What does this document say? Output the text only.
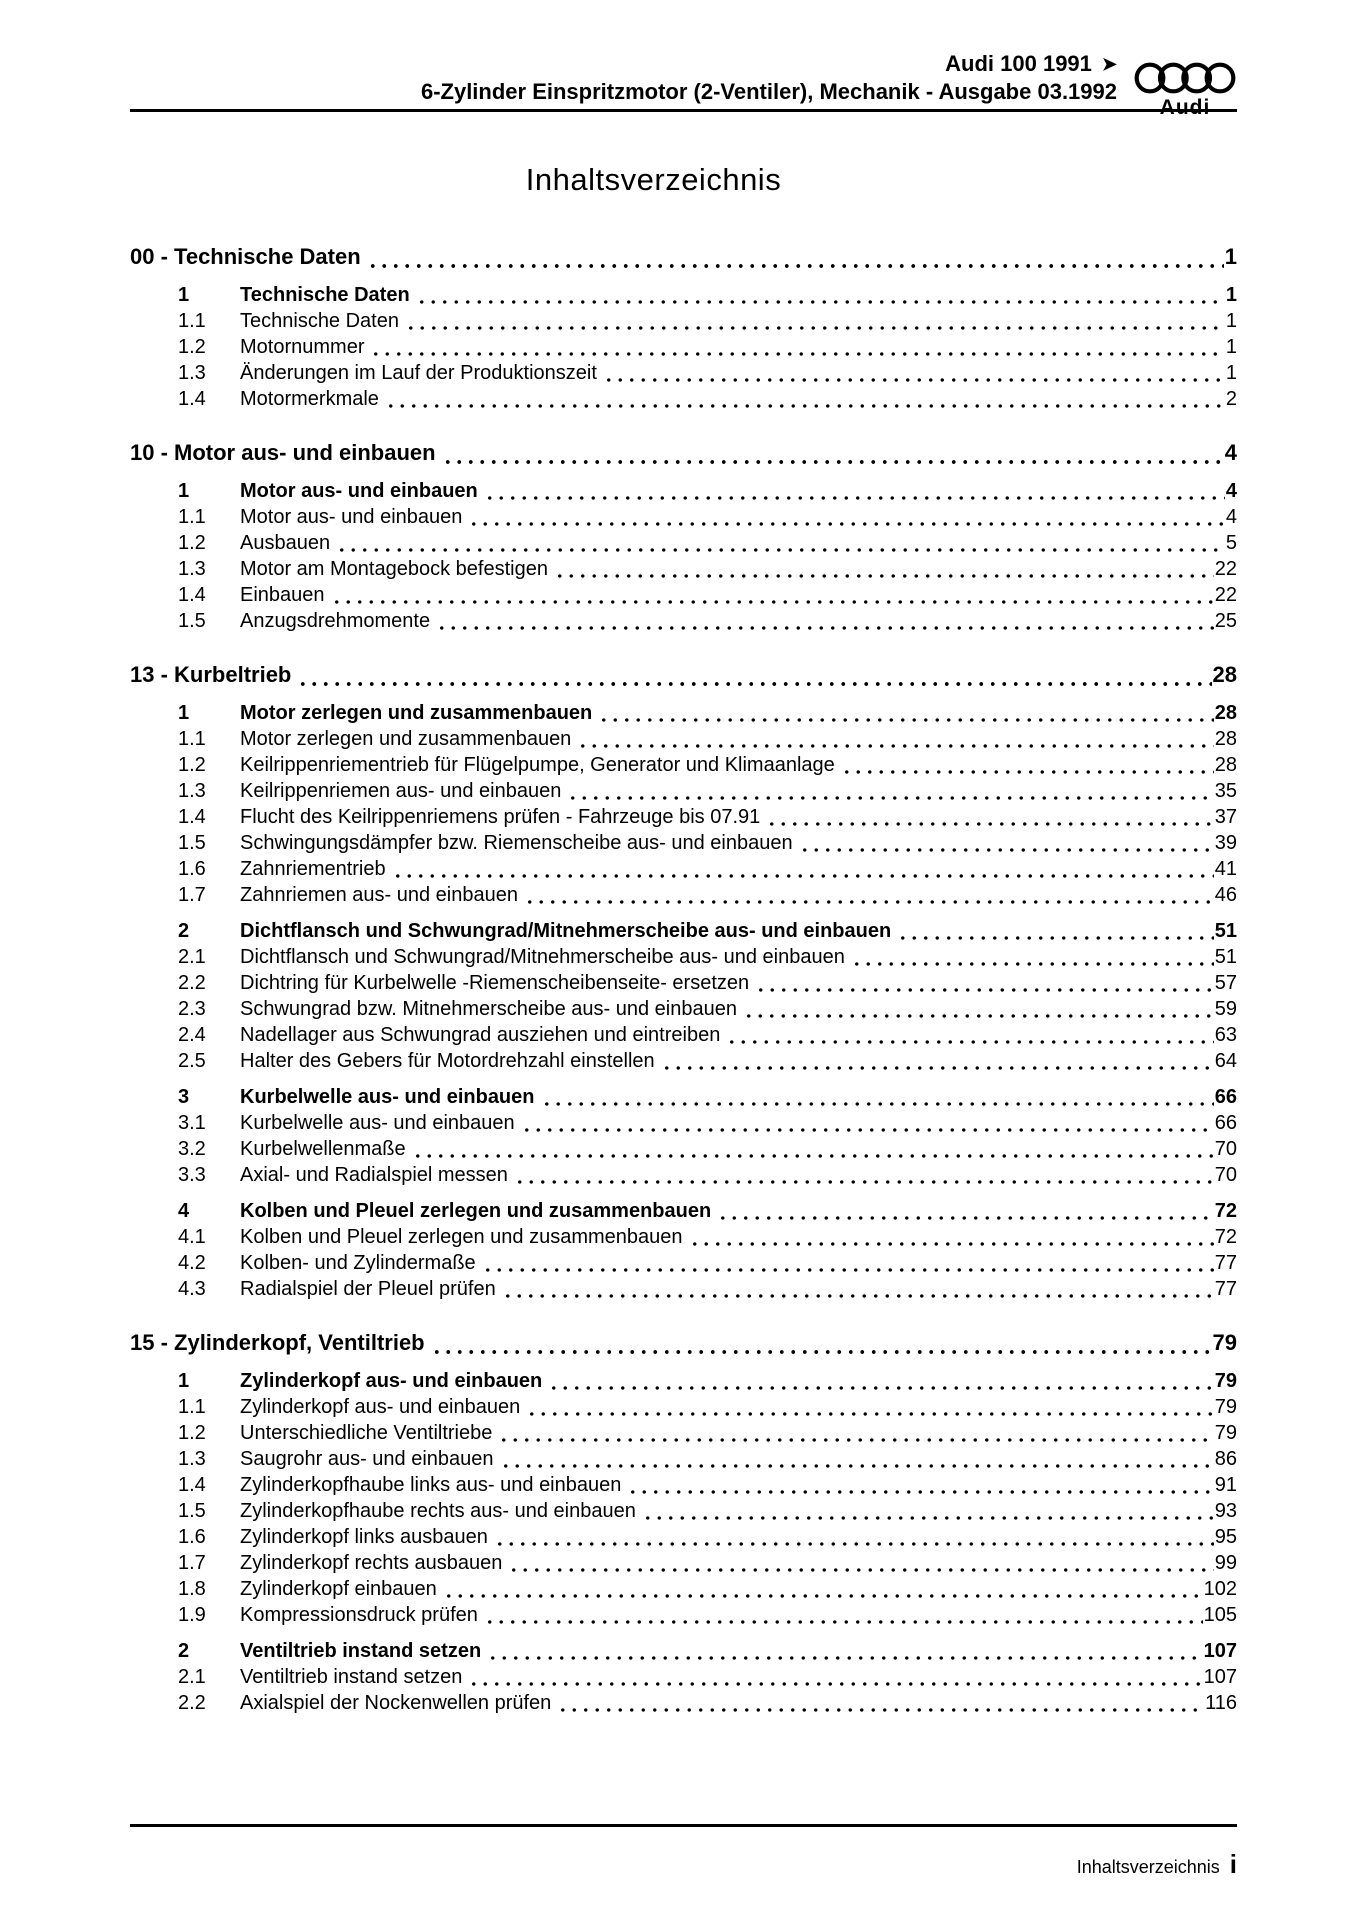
Audi 100 1991 ➤
6-Zylinder Einspritzmotor (2-Ventiler), Mechanik - Ausgabe 03.1992
Audi
Inhaltsverzeichnis
00 - Technische Daten	1
1	Technische Daten	1
1.1	Technische Daten	1
1.2	Motornummer	1
1.3	Änderungen im Lauf der Produktionszeit	1
1.4	Motormerkmale	2
10 - Motor aus- und einbauen	4
1	Motor aus- und einbauen	4
1.1	Motor aus- und einbauen	4
1.2	Ausbauen	5
1.3	Motor am Montagebock befestigen	22
1.4	Einbauen	22
1.5	Anzugsdrehmomente	25
13 - Kurbeltrieb	28
1	Motor zerlegen und zusammenbauen	28
1.1	Motor zerlegen und zusammenbauen	28
1.2	Keilrippenriementrieb für Flügelpumpe, Generator und Klimaanlage	28
1.3	Keilrippenriemen aus- und einbauen	35
1.4	Flucht des Keilrippenriemens prüfen - Fahrzeuge bis 07.91	37
1.5	Schwingungsdämpfer bzw. Riemenscheibe aus- und einbauen	39
1.6	Zahnriementrieb	41
1.7	Zahnriemen aus- und einbauen	46
2	Dichtflansch und Schwungrad/Mitnehmerscheibe aus- und einbauen	51
2.1	Dichtflansch und Schwungrad/Mitnehmerscheibe aus- und einbauen	51
2.2	Dichtring für Kurbelwelle -Riemenscheibenseite- ersetzen	57
2.3	Schwungrad bzw. Mitnehmerscheibe aus- und einbauen	59
2.4	Nadellager aus Schwungrad ausziehen und eintreiben	63
2.5	Halter des Gebers für Motordrehzahl einstellen	64
3	Kurbelwelle aus- und einbauen	66
3.1	Kurbelwelle aus- und einbauen	66
3.2	Kurbelwellenmaße	70
3.3	Axial- und Radialspiel messen	70
4	Kolben und Pleuel zerlegen und zusammenbauen	72
4.1	Kolben und Pleuel zerlegen und zusammenbauen	72
4.2	Kolben- und Zylindermaße	77
4.3	Radialspiel der Pleuel prüfen	77
15 - Zylinderkopf, Ventiltrieb	79
1	Zylinderkopf aus- und einbauen	79
1.1	Zylinderkopf aus- und einbauen	79
1.2	Unterschiedliche Ventiltriebe	79
1.3	Saugrohr aus- und einbauen	86
1.4	Zylinderkopfhaube links aus- und einbauen	91
1.5	Zylinderkopfhaube rechts aus- und einbauen	93
1.6	Zylinderkopf links ausbauen	95
1.7	Zylinderkopf rechts ausbauen	99
1.8	Zylinderkopf einbauen	102
1.9	Kompressionsdruck prüfen	105
2	Ventiltrieb instand setzen	107
2.1	Ventiltrieb instand setzen	107
2.2	Axialspiel der Nockenwellen prüfen	116
Inhaltsverzeichnis i
